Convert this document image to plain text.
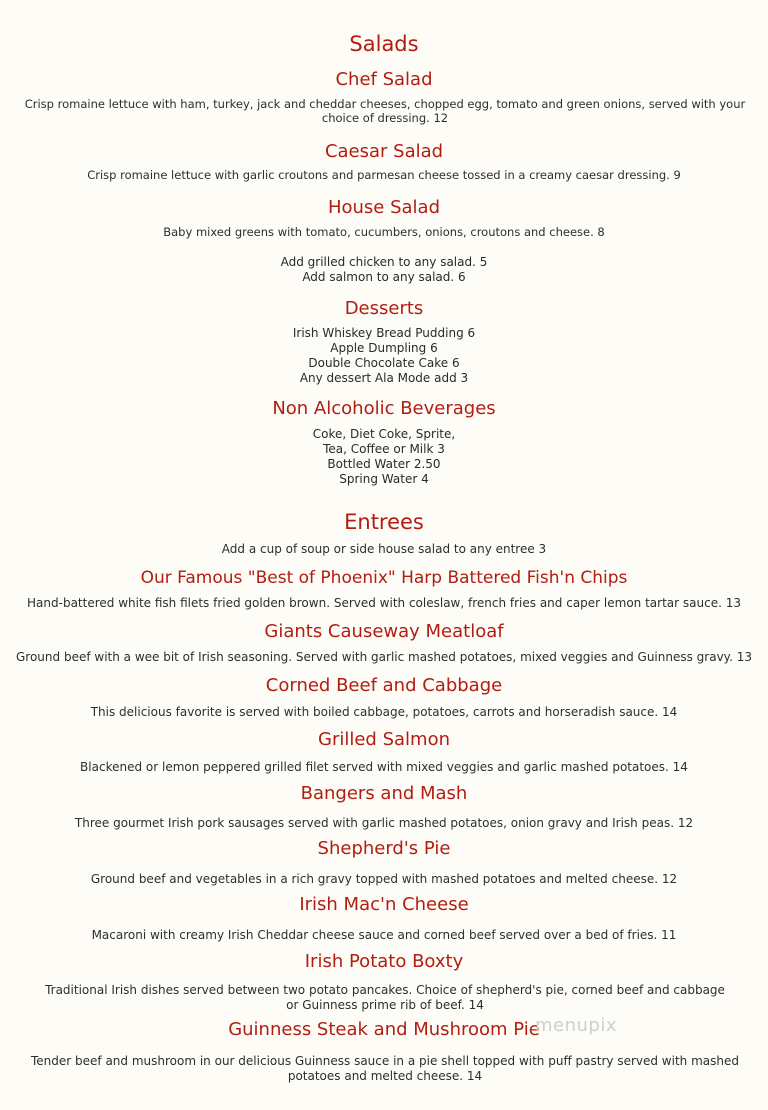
Salads
Chef Salad
Crisp romaine lettuce with ham, turkey, jack and cheddar cheeses, chopped egg, tomato and green onions, served with your choice of dressing. 12
Caesar Salad
Crisp romaine lettuce with garlic croutons and parmesan cheese tossed in a creamy caesar dressing. 9
House Salad
Baby mixed greens with tomato, cucumbers, onions, croutons and cheese. 8
Add grilled chicken to any salad. 5
Add salmon to any salad. 6
Desserts
Irish Whiskey Bread Pudding 6
Apple Dumpling 6
Double Chocolate Cake 6
Any dessert Ala Mode add 3
Non Alcoholic Beverages
Coke, Diet Coke, Sprite,
Tea, Coffee or Milk 3
Bottled Water 2.50
Spring Water 4
Entrees
Add a cup of soup or side house salad to any entree 3
Our Famous "Best of Phoenix" Harp Battered Fish'n Chips
Hand-battered white fish filets fried golden brown. Served with coleslaw, french fries and caper lemon tartar sauce. 13
Giants Causeway Meatloaf
Ground beef with a wee bit of Irish seasoning. Served with garlic mashed potatoes, mixed veggies and Guinness gravy. 13
Corned Beef and Cabbage
This delicious favorite is served with boiled cabbage, potatoes, carrots and horseradish sauce. 14
Grilled Salmon
Blackened or lemon peppered grilled filet served with mixed veggies and garlic mashed potatoes. 14
Bangers and Mash
Three gourmet Irish pork sausages served with garlic mashed potatoes, onion gravy and Irish peas. 12
Shepherd's Pie
Ground beef and vegetables in a rich gravy topped with mashed potatoes and melted cheese. 12
Irish Mac'n Cheese
Macaroni with creamy Irish Cheddar cheese sauce and corned beef served over a bed of fries. 11
Irish Potato Boxty
Traditional Irish dishes served between two potato pancakes. Choice of shepherd's pie, corned beef and cabbage or Guinness prime rib of beef. 14
Guinness Steak and Mushroom Pie
Tender beef and mushroom in our delicious Guinness sauce in a pie shell topped with puff pastry served with mashed potatoes and melted cheese. 14
menupix
